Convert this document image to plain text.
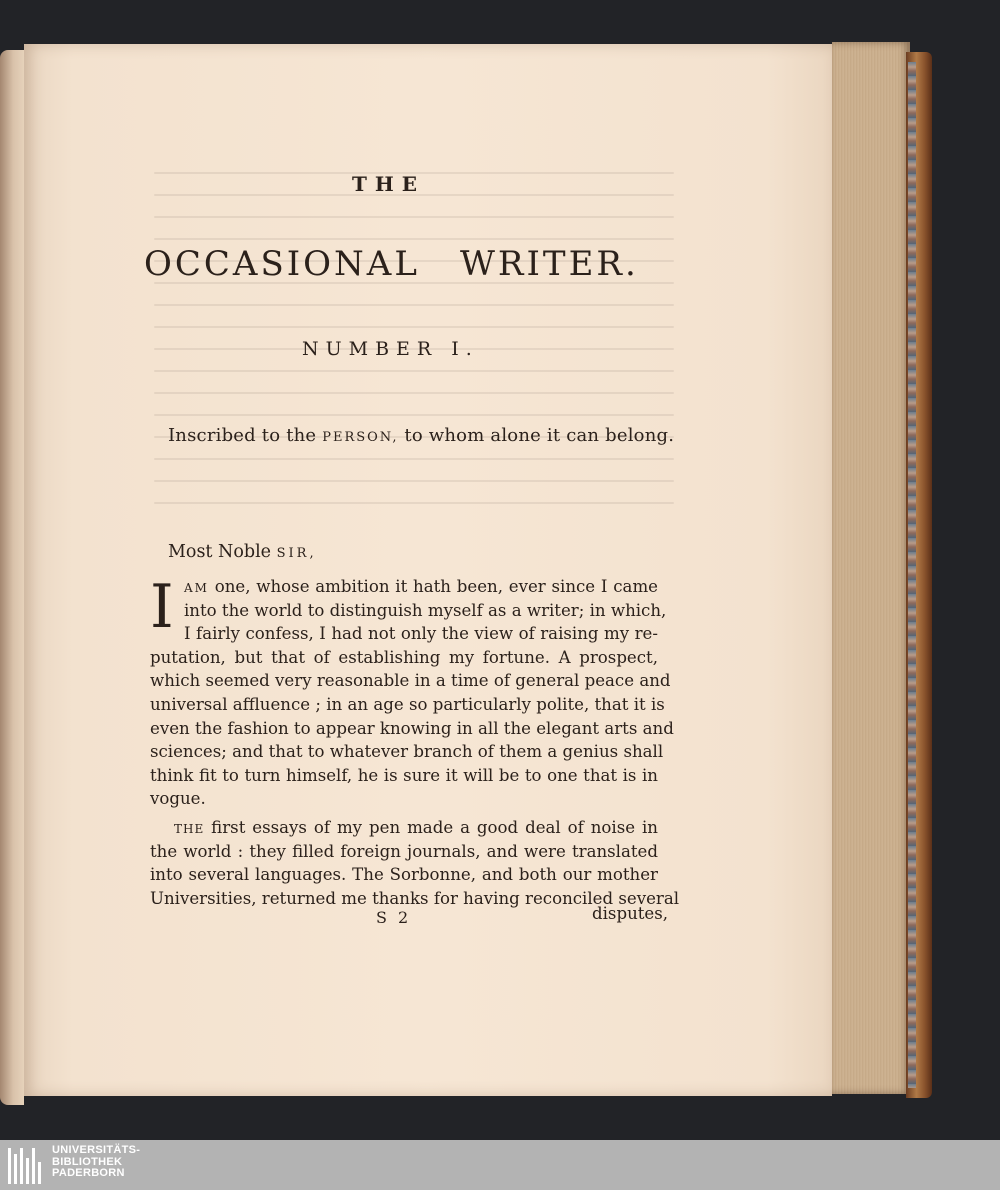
THE
OCCASIONAL WRITER.
NUMBER I.
Inscribed to the PERSON, to whom alone it can belong.
Most Noble SIR,
I AM one, whose ambition it hath been, ever since I came
into the world to distinguish myself as a writer; in which,
I fairly confess, I had not only the view of raising my re-
putation, but that of establishing my fortune. A prospect,
which seemed very reasonable in a time of general peace and
universal affluence ; in an age so particularly polite, that it is
even the fashion to appear knowing in all the elegant arts and
sciences; and that to whatever branch of them a genius shall
think fit to turn himself, he is sure it will be to one that is in
vogue.
THE first essays of my pen made a good deal of noise in
the world : they filled foreign journals, and were translated
into several languages. The Sorbonne, and both our mother
Universities, returned me thanks for having reconciled several
S 2	disputes,
UNIVERSITÄTS-
BIBLIOTHEK
PADERBORN
